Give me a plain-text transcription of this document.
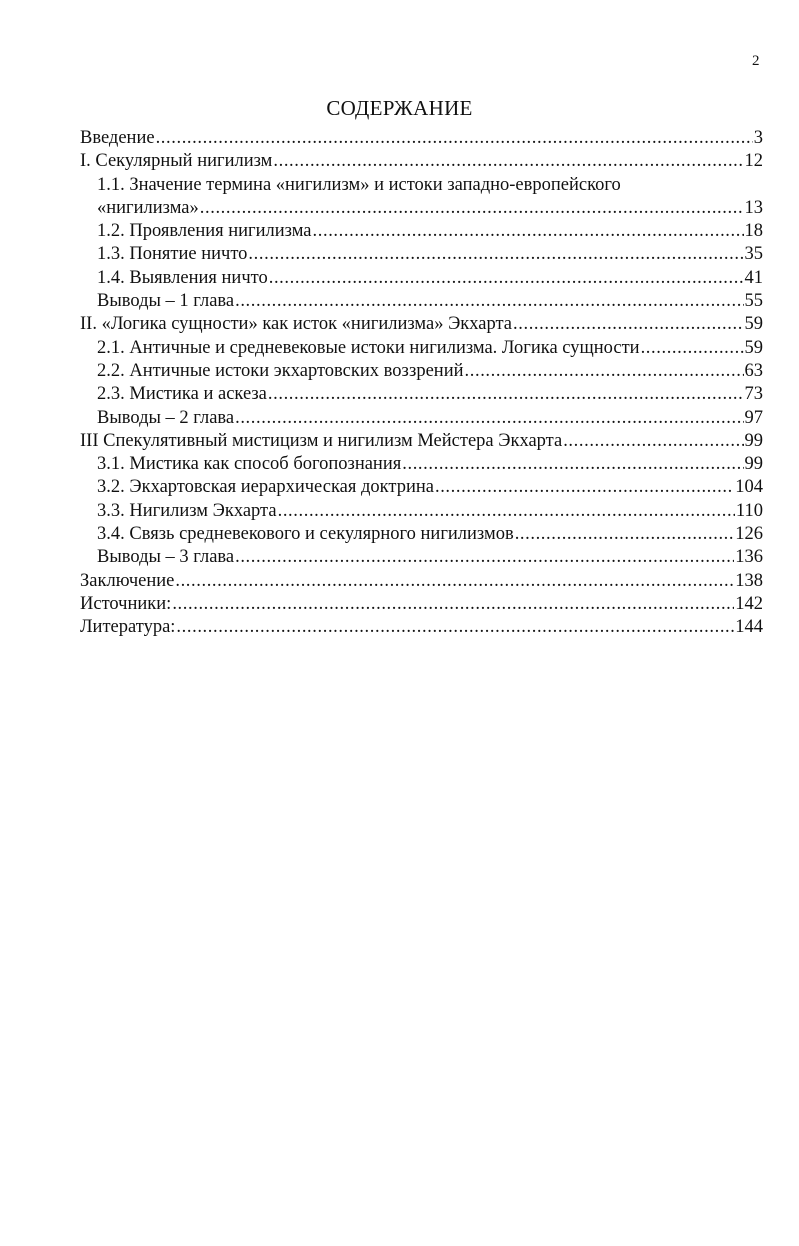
2
СОДЕРЖАНИЕ
Введение .....	3
I. Секулярный нигилизм .....	12
1.1. Значение термина «нигилизм» и истоки западно-европейского
«нигилизма» .....	13
1.2. Проявления нигилизма .....	18
1.3. Понятие ничто .....	35
1.4. Выявления ничто .....	41
Выводы – 1 глава .....	55
II. «Логика сущности» как исток «нигилизма» Экхарта .....	59
2.1. Античные и средневековые истоки нигилизма. Логика сущности .....	59
2.2. Античные истоки экхартовских воззрений .....	63
2.3. Мистика и аскеза .....	73
Выводы – 2 глава .....	97
III Спекулятивный мистицизм и нигилизм Мейстера Экхарта .....	99
3.1. Мистика как способ богопознания .....	99
3.2. Экхартовская иерархическая доктрина .....	104
3.3. Нигилизм Экхарта .....	110
3.4. Связь средневекового и секулярного нигилизмов .....	126
Выводы – 3 глава .....	136
Заключение .....	138
Источники: .....	142
Литература: .....	144
